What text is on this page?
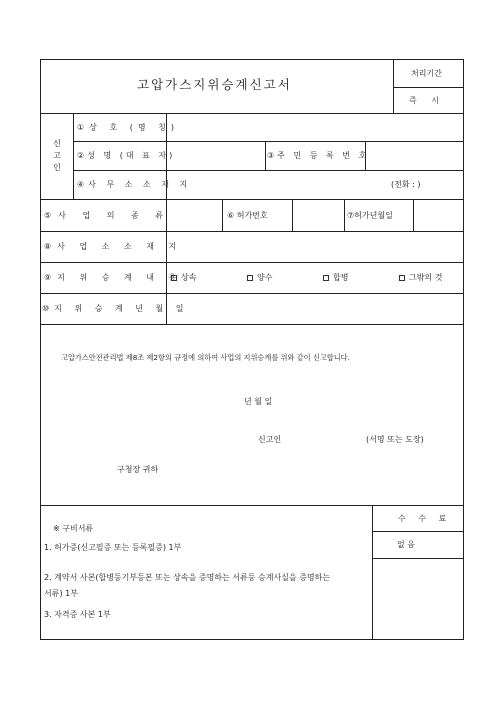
고압가스지위승계신고서
처리기간
즉 시
신
고
인
①상 호 (명 칭)
②성 명 (대 표 자)	③주 민 등 록 번 호
④사 무 소 소 재 지	(전화 : )
⑤사 업 의 종 류	⑥ 허가번호	⑦허가년월일
⑧사 업 소 소 재 지
⑨지 위 승 계 내 용
상속	양수	합병	그밖의 것
⑩지 위 승 계 년 월 일
고압가스안전관리법 제8조 제2항의 규정에 의하여 사업의 지위승계를 위와 같이 신고합니다.
년 월 일
신고인	(서명 또는 도장)
구청장 귀하
※ 구비서류
1. 허가증(신고필증 또는 등록필증) 1부
2. 계약서 사본(합병등기부등본 또는 상속을 증명하는 서류등 승계사실을 증명하는
서류) 1부
3. 자격증 사본 1부
수 수 료
없 음
